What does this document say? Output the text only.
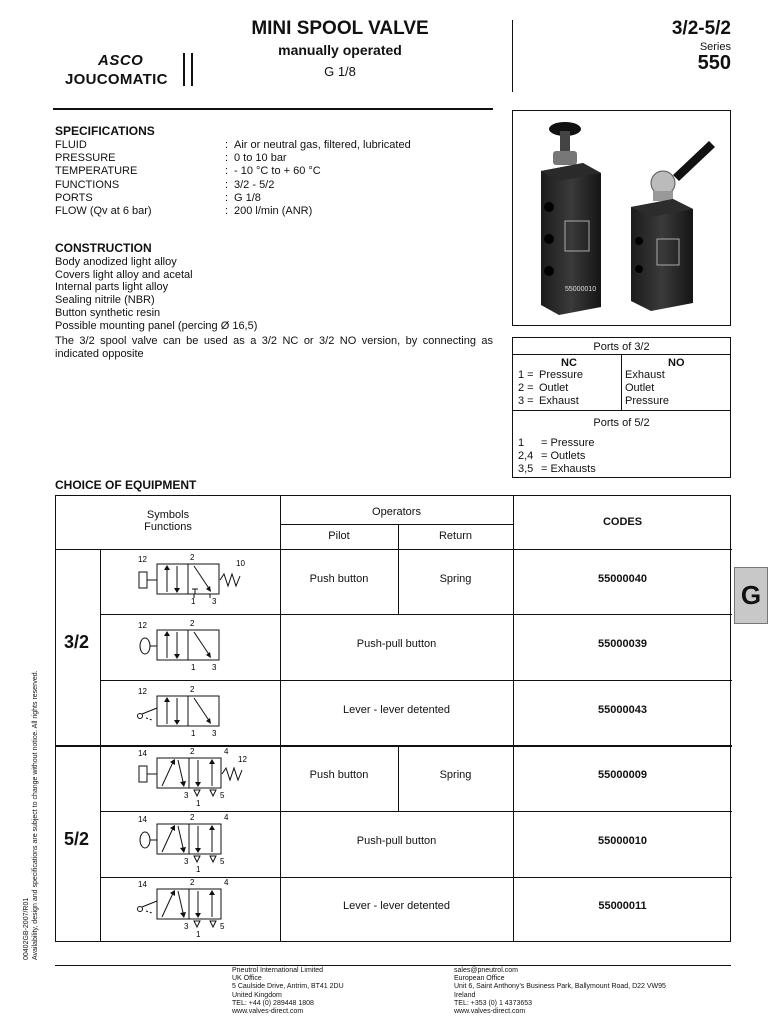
ASCO
JOUCOMATIC
MINI SPOOL VALVE
manually operated
G 1/8
3/2-5/2
Series
550
SPECIFICATIONS
FLUID	: Air or neutral gas, filtered, lubricated
PRESSURE	: 0 to 10 bar
TEMPERATURE	: - 10 °C to + 60 °C
FUNCTIONS	: 3/2 - 5/2
PORTS	: G 1/8
FLOW (Qv at 6 bar)	: 200 l/min (ANR)
CONSTRUCTION
Body anodized light alloy
Covers light alloy and acetal
Internal parts light alloy
Sealing nitrile (NBR)
Button synthetic resin
Possible mounting panel (percing Ø 16,5)
The 3/2 spool valve can be used as a 3/2 NC or 3/2 NO version, by connecting as indicated opposite
55000010
Ports of 3/2
NC	NO
1 = Pressure	Exhaust
2 = Outlet	Outlet
3 = Exhaust	Pressure
Ports of 5/2
1 = Pressure
2,4 = Outlets
3,5 = Exhausts
G
CHOICE OF EQUIPMENT
Symbols
Functions
Operators
Pilot	Return
CODES
3/2
5/2
Push button	Spring	55000040
Push-pull button	55000039
Lever - lever detented	55000043
Push button	Spring	55000009
Push-pull button	55000010
Lever - lever detented	55000011
12	2
10
1 3
12	2
1 3
12	2
1 3
14	2	4
12
3
1
5
14	2	4
3
1
5
14	2	4
3
1
5
00402GB-2007/R01 Availability, design and specifications are subject to change without notice. All rights reserved.
Pneutrol International Limited
UK Office
5 Caulside Drive, Antrim, BT41 2DU
United Kingdom
TEL: +44 (0) 289448 1808
www.valves-direct.com
sales@pneutrol.com
European Office
Unit 6, Saint Anthony’s Business Park, Ballymount Road, D22 VW95
Ireland
TEL: +353 (0) 1 4373653
www.valves-direct.com
